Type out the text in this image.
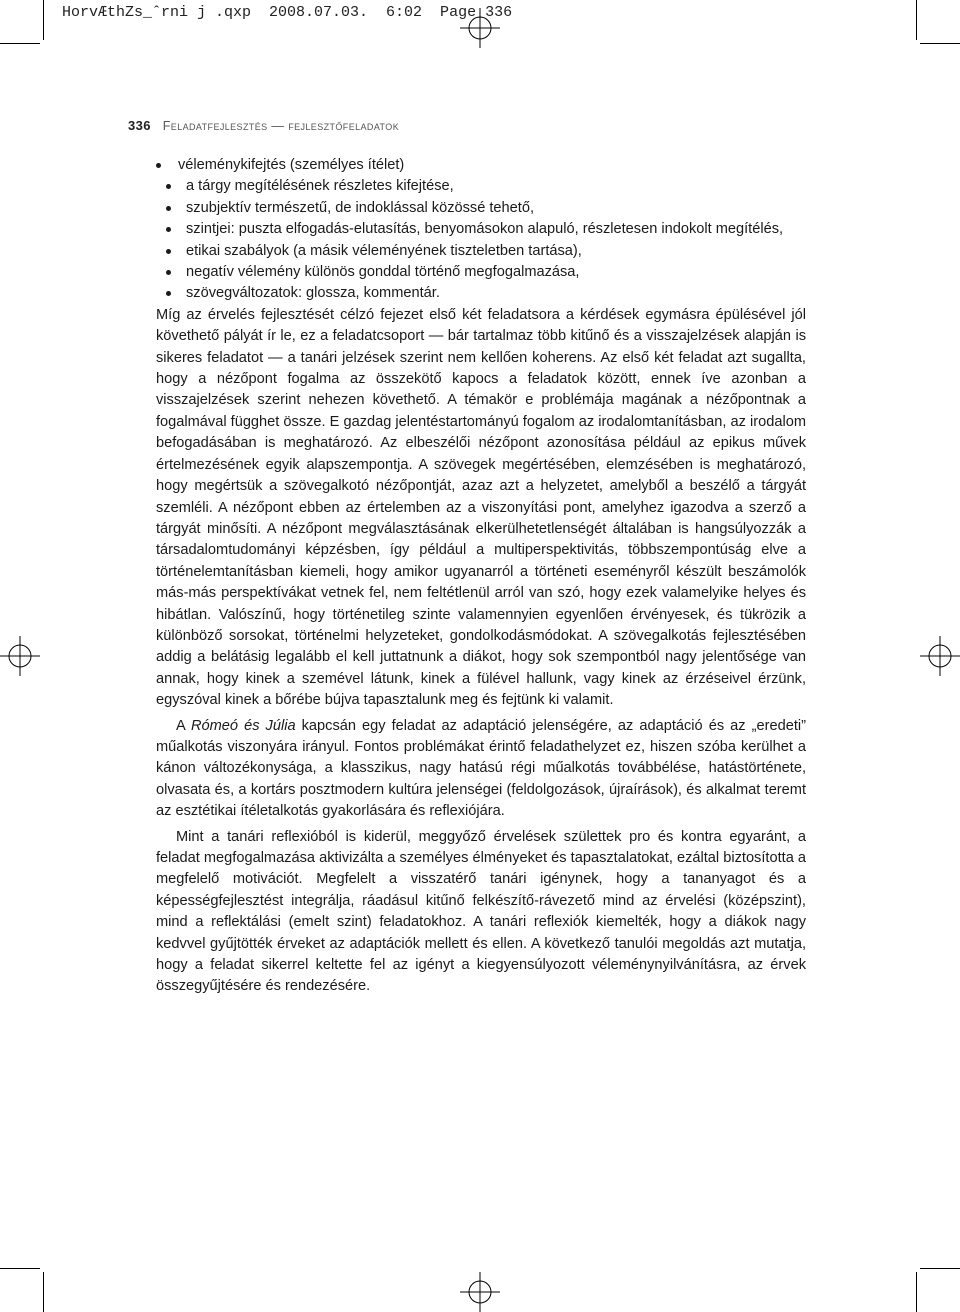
HorvÆthZs_ˆrni j .qxp  2008.07.03.  6:02  Page 336
336 Feladatfejlesztés — fejlesztőfeladatok
véleménykifejtés (személyes ítélet)
a tárgy megítélésének részletes kifejtése,
szubjektív természetű, de indoklással közössé tehető,
szintjei: puszta elfogadás-elutasítás, benyomásokon alapuló, részletesen indokolt megítélés,
etikai szabályok (a másik véleményének tiszteletben tartása),
negatív vélemény különös gonddal történő megfogalmazása,
szövegváltozatok: glossza, kommentár.

Míg az érvelés fejlesztését célzó fejezet első két feladatsora a kérdések egymásra épülésével jól követhető pályát ír le, ez a feladatcsoport — bár tartalmaz több kitűnő és a visszajelzések alapján is sikeres feladatot — a tanári jelzések szerint nem kellően koherens. Az első két feladat azt sugallta, hogy a nézőpont fogalma az összekötő kapocs a feladatok között, ennek íve azonban a visszajelzések szerint nehezen követhető. A témakör e problémája magának a nézőpontnak a fogalmával függhet össze. E gazdag jelentéstartományú fogalom az irodalomtanításban, az irodalom befogadásában is meghatározó. Az elbeszélői nézőpont azonosítása például az epikus művek értelmezésének egyik alapszempontja. A szövegek megértésében, elemzésében is meghatározó, hogy megértsük a szövegalkotó nézőpontját, azaz azt a helyzetet, amelyből a beszélő a tárgyát szemléli. A nézőpont ebben az értelemben az a viszonyítási pont, amelyhez igazodva a szerző a tárgyát minősíti. A nézőpont megválasztásának elkerülhetetlenségét általában is hangsúlyozzák a társadalomtudományi képzésben, így például a multiperspektivitás, többszempontúság elve a történelemtanításban kiemeli, hogy amikor ugyanarról a történeti eseményről készült beszámolók más-más perspektívákat vetnek fel, nem feltétlenül arról van szó, hogy ezek valamelyike helyes és hibátlan. Valószínű, hogy történetileg szinte valamennyien egyenlően érvényesek, és tükrözik a különböző sorsokat, történelmi helyzeteket, gondolkodásmódokat. A szövegalkotás fejlesztésében addig a belátásig legalább el kell juttatnunk a diákot, hogy sok szempontból nagy jelentősége van annak, hogy kinek a szemével látunk, kinek a fülével hallunk, vagy kinek az érzéseivel érzünk, egyszóval kinek a bőrébe bújva tapasztalunk meg és fejtünk ki valamit.

A Rómeó és Júlia kapcsán egy feladat az adaptáció jelenségére, az adaptáció és az „eredeti” műalkotás viszonyára irányul. Fontos problémákat érintő feladathelyzet ez, hiszen szóba kerülhet a kánon változékonysága, a klasszikus, nagy hatású régi műalkotás továbbélése, hatástörténete, olvasata és, a kortárs posztmodern kultúra jelenségei (feldolgozások, újraírások), és alkalmat teremt az esztétikai ítéletalkotás gyakorlására és reflexiójára.

Mint a tanári reflexióból is kiderül, meggyőző érvelések születtek pro és kontra egyaránt, a feladat megfogalmazása aktivizálta a személyes élményeket és tapasztalatokat, ezáltal biztosította a megfelelő motivációt. Megfelelt a visszatérő tanári igénynek, hogy a tananyagot és a képességfejlesztést integrálja, ráadásul kitűnő felkészítő-rávezető mind az érvelési (középszint), mind a reflektálási (emelt szint) feladatokhoz. A tanári reflexiók kiemelték, hogy a diákok nagy kedvvel gyűjtötték érveket az adaptációk mellett és ellen. A következő tanulói megoldás azt mutatja, hogy a feladat sikerrel keltette fel az igényt a kiegyensúlyozott véleménynyilvánításra, az érvek összegyűjtésére és rendezésére.
